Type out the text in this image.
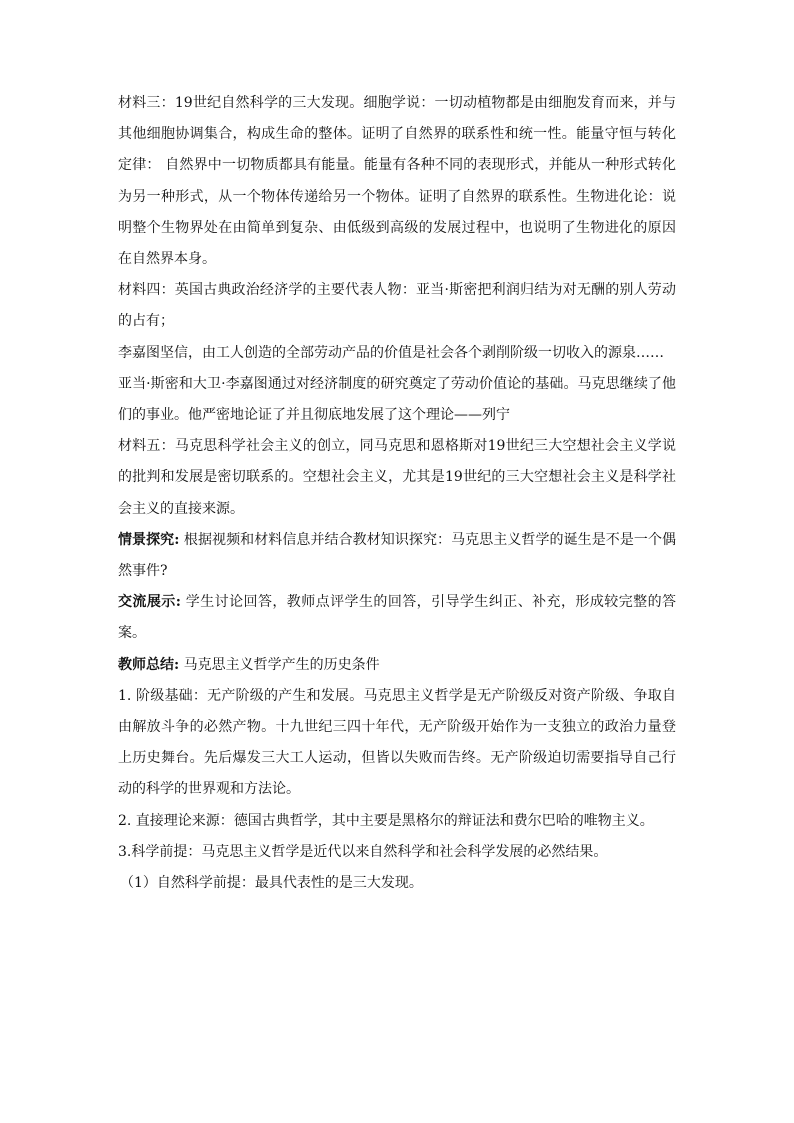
材料三：19世纪自然科学的三大发现。细胞学说：一切动植物都是由细胞发育而来，并与其他细胞协调集合，构成生命的整体。证明了自然界的联系性和统一性。能量守恒与转化定律： 自然界中一切物质都具有能量。能量有各种不同的表现形式，并能从一种形式转化为另一种形式，从一个物体传递给另一个物体。证明了自然界的联系性。生物进化论：说明整个生物界处在由简单到复杂、由低级到高级的发展过程中，也说明了生物进化的原因在自然界本身。

材料四：英国古典政治经济学的主要代表人物：亚当·斯密把利润归结为对无酬的别人劳动的占有；

李嘉图坚信，由工人创造的全部劳动产品的价值是社会各个剥削阶级一切收入的源泉……

亚当·斯密和大卫·李嘉图通过对经济制度的研究奠定了劳动价值论的基础。马克思继续了他们的事业。他严密地论证了并且彻底地发展了这个理论——列宁

材料五：马克思科学社会主义的创立，同马克思和恩格斯对19世纪三大空想社会主义学说的批判和发展是密切联系的。空想社会主义，尤其是19世纪的三大空想社会主义是科学社会主义的直接来源。

情景探究: 根据视频和材料信息并结合教材知识探究：马克思主义哲学的诞生是不是一个偶然事件?

交流展示: 学生讨论回答，教师点评学生的回答，引导学生纠正、补充，形成较完整的答案。

教师总结: 马克思主义哲学产生的历史条件

1. 阶级基础：无产阶级的产生和发展。马克思主义哲学是无产阶级反对资产阶级、争取自由解放斗争的必然产物。十九世纪三四十年代，无产阶级开始作为一支独立的政治力量登上历史舞台。先后爆发三大工人运动，但皆以失败而告终。无产阶级迫切需要指导自己行动的科学的世界观和方法论。

2. 直接理论来源：德国古典哲学，其中主要是黑格尔的辩证法和费尔巴哈的唯物主义。

3.科学前提：马克思主义哲学是近代以来自然科学和社会科学发展的必然结果。

（1）自然科学前提：最具代表性的是三大发现。
